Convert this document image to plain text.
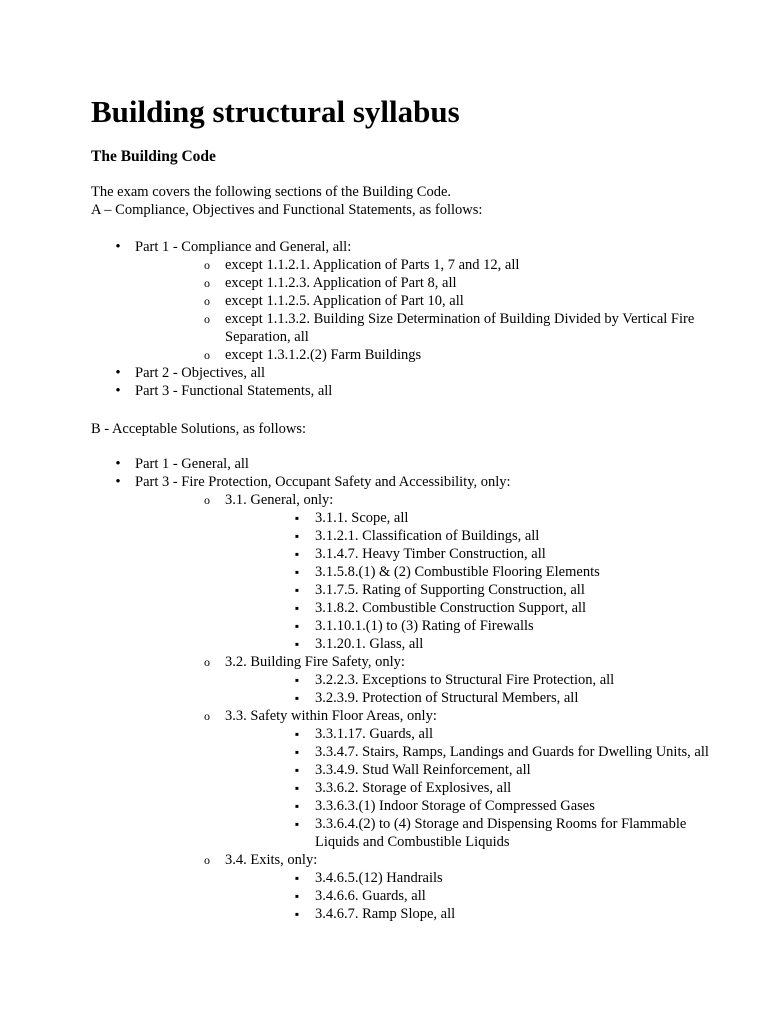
Building structural syllabus
The Building Code

The exam covers the following sections of the Building Code.
A – Compliance, Objectives and Functional Statements, as follows:

•
Part 1 - Compliance and General, all:
o
except 1.1.2.1. Application of Parts 1, 7 and 12, all
o
except 1.1.2.3. Application of Part 8, all
o
except 1.1.2.5. Application of Part 10, all
o
except 1.1.3.2. Building Size Determination of Building Divided by Vertical Fire Separation, all
o
except 1.3.1.2.(2) Farm Buildings
•
Part 2 - Objectives, all
•
Part 3 - Functional Statements, all

B - Acceptable Solutions, as follows:

•
Part 1 - General, all
•
Part 3 - Fire Protection, Occupant Safety and Accessibility, only:
o
3.1. General, only:
▪
3.1.1. Scope, all
▪
3.1.2.1. Classification of Buildings, all
▪
3.1.4.7. Heavy Timber Construction, all
▪
3.1.5.8.(1) & (2) Combustible Flooring Elements
▪
3.1.7.5. Rating of Supporting Construction, all
▪
3.1.8.2. Combustible Construction Support, all
▪
3.1.10.1.(1) to (3) Rating of Firewalls
▪
3.1.20.1. Glass, all
o
3.2. Building Fire Safety, only:
▪
3.2.2.3. Exceptions to Structural Fire Protection, all
▪
3.2.3.9. Protection of Structural Members, all
o
3.3. Safety within Floor Areas, only:
▪
3.3.1.17. Guards, all
▪
3.3.4.7. Stairs, Ramps, Landings and Guards for Dwelling Units, all
▪
3.3.4.9. Stud Wall Reinforcement, all
▪
3.3.6.2. Storage of Explosives, all
▪
3.3.6.3.(1) Indoor Storage of Compressed Gases
▪
3.3.6.4.(2) to (4) Storage and Dispensing Rooms for Flammable Liquids and Combustible Liquids
o
3.4. Exits, only:
▪
3.4.6.5.(12) Handrails
▪
3.4.6.6. Guards, all
▪
3.4.6.7. Ramp Slope, all
